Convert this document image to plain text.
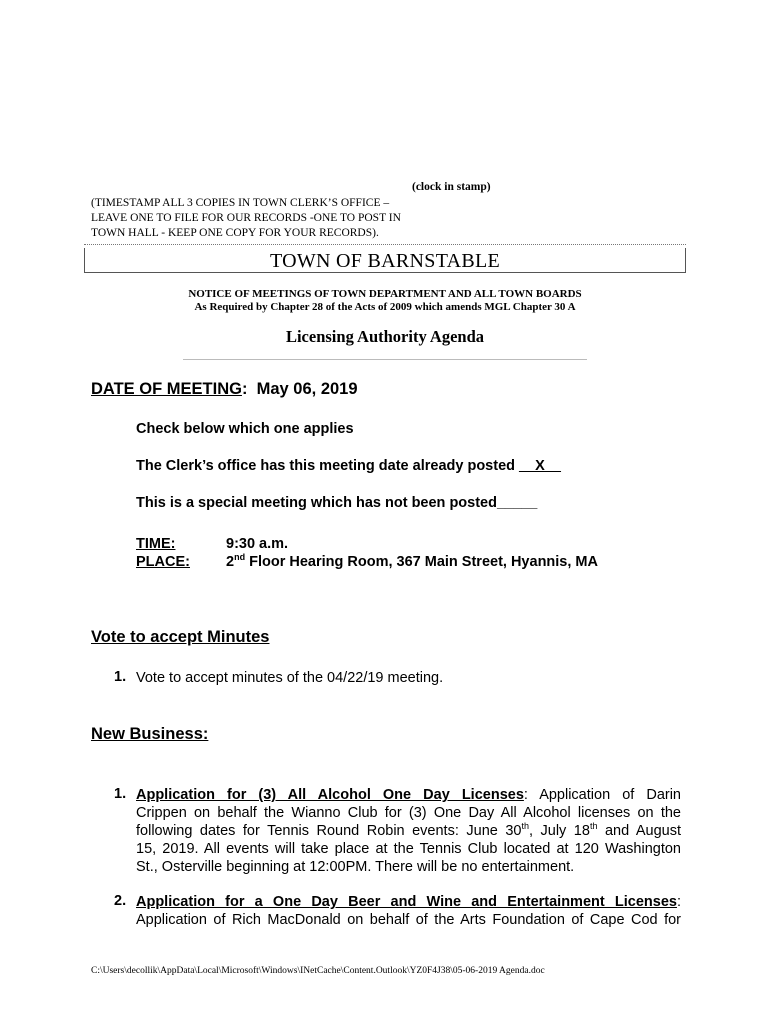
(clock in stamp)
(TIMESTAMP ALL 3 COPIES IN TOWN CLERK’S OFFICE –
LEAVE ONE TO FILE FOR OUR RECORDS -ONE TO POST IN
TOWN HALL - KEEP ONE COPY FOR YOUR RECORDS).
TOWN OF BARNSTABLE
NOTICE OF MEETINGS OF TOWN DEPARTMENT AND ALL TOWN BOARDS
As Required by Chapter 28 of the Acts of 2009 which amends MGL Chapter 30 A
Licensing Authority Agenda
DATE OF MEETING: May 06, 2019
Check below which one applies
The Clerk’s office has this meeting date already posted __X__
This is a special meeting which has not been posted_____
TIME:	9:30 a.m.
PLACE: 2nd Floor Hearing Room, 367 Main Street, Hyannis, MA
Vote to accept Minutes
1. Vote to accept minutes of the 04/22/19 meeting.
New Business:
1. Application for (3) All Alcohol One Day Licenses: Application of Darin
Crippen on behalf the Wianno Club for (3) One Day All Alcohol licenses on the
following dates for Tennis Round Robin events: June 30th, July 18th and August
15, 2019. All events will take place at the Tennis Club located at 120 Washington
St., Osterville beginning at 12:00PM. There will be no entertainment.
2. Application for a One Day Beer and Wine and Entertainment Licenses:
Application of Rich MacDonald on behalf of the Arts Foundation of Cape Cod for
C:\Users\decollik\AppData\Local\Microsoft\Windows\INetCache\Content.Outlook\YZ0F4J38\05-06-2019 Agenda.doc
